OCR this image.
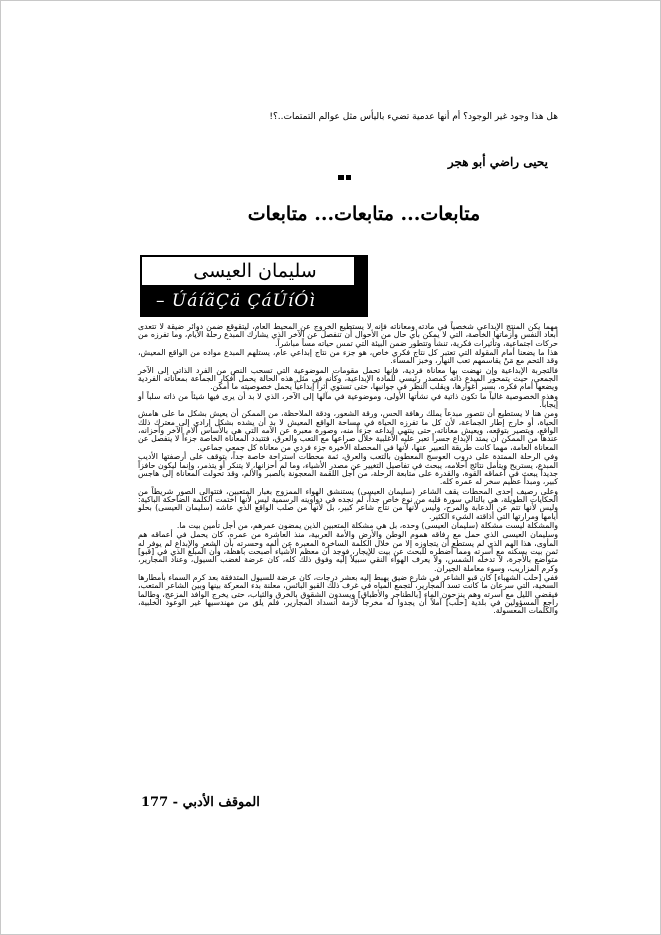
هل هذا وجود غير الوجود؟ أم أنها عدمية تضيء باليأس مثل عوالم التمتمات..؟!
يحيى راضي أبو هجر
متابعات... متابعات... متابعات
سليمان العيسى
– ÚáíãÇä ÇáÚíÓì

مهما يكن المنتج الإبداعي شخصياً في مادته ومعاناته فإنه لا يستطيع الخروج عن المحيط العام، ليتقوقع ضمن دوائر ضيقة لا تتعدى أبعاد النفس وأزماتها الخاصة، التي لا يمكن بأي حال من الأحوال أن تنفصل عن الآخر الذي يشارك المبدع رحلة الأيام، وما تفرزه من حركات اجتماعية، وتأثيرات فكرية، تنشأ وتتطور ضمن البيئة التي تمس حياته مساً مباشراً.

هذا ما يضعنا أمام المقولة التي تعتبر كل نتاج فكري خاص، هو جزء من نتاج إبداعي عام، يستلهم المبدع مواده من الواقع المعيش، وقد التحم مع مَنْ يقاسمهم تعب النهار، وخبز المساء.

فالتجربة الإبداعية وإن نهضت بها معاناة فردية، فإنها تحمل مقومات الموضوعية التي تسحب النص من الفرد الذاتي إلى الآخر الجمعي، حيث يتمحور المبدع ذاته كمصدر رئيسي للمادة الإبداعية، وكأنه في مثل هذه الحالة يحمل أفكار الجماعة بمعاناته الفردية ويضعها أمام فكره، بسبر أغوارها، ويقلب النظر في جوانبها، حتى تستوي أثراً إبداعياً يحمل خصوصيته ما أمكن.

وهذه الخصوصية غالباً ما تكون ذاتية في نشأتها الأولى، وموضوعية في مآلها إلى الآخر، الذي لا بد أن يرى فيها شيئاً من ذاته سلباً أو إيجاباً.

ومن هنا لا يستطيع أن نتصور مبدعاً يملك رهافة الحس، ورقة الشعور، ودقة الملاحظة، من الممكن أن يعيش بشكل ما على هامش الحياة، أو خارج إطار الجماعة، لأن كل ما تفرزه الحياة في مساحة الواقع المعيش لا بد أن يشده بشكل إرادي إلى معترك ذلك الواقع، ويتصير بتوقعه، ويعيش معاناته، حتى ينتهي إبداعه جزءاً منه، وصورة معبرة عن الآمه التي هي بالأساس آلام الآخر وأحزانه، عندها من الممكن أن يمتد الإبداع جسراً تعبر عليه الأغلبية خلال صراعها مع التعب والعرق، فتتبدد المعاناة الخاصة جزءاً لا ينفصل عن المعاناة العامة، مهما كانت طريقة التعبير عنها، لأنها في المحصلة الأخيرة جزء فردي من معاناة كل جمعي جماعي.

وفي الرحلة الممتدة على دروب العوسج المعطون بالتعب والعرق، ثمة محطات استراحة خاصة جداً، يتوقف على أرصفتها الأديب المبدع، يستريح ويتأمل نتائج أحلامه، يبحث في تفاصيل التغيير عن مصدر الأشياء، وما لم أحزانها، لا يتنكر أو يتذمر، وإنما ليكون حافزاً جديداً يبعث في أعماقه القوة، والقدرة على متابعة الرحلة، من أجل اللقمة المعجونة بالصبر والألم، وقد تحولت المعاناة إلى هاجس كبير، ومبدأ عظيم سخر له عمره كله.

وعلى رصيف إحدى المحطات يقف الشاعر (سليمان العيسى) يستنشق الهواء الممزوج بغبار المتعبين، فتتوالى الصور شريطاً من الحكايات الطويلة، هي بالتالي سورة قلبه من نوع خاص جداً، لم نجده في دواوينه الرسمية ليس لأنها اختمت الكلمة الضاحكة الباكية: وليس لأنها تتم عن الدعابة والمرح، وليس لأنها من نتاج شاعر كبير، بل لأنها من صلب الواقع الذي عاشه (سليمان العيسى) بحلو أيامها ومرارتها التي أذاقته الشيء الكثير.

والمشكلة ليست مشكلة (سليمان العيسى) وحده، بل هي مشكلة المتعبين الذين يمضون عمرهم، من أجل تأمين بيت ما.

وسليمان العيسى الذي حمل مع رفاقه هموم الوطن والأرض والأمة العربية، منذ العاشرة من عمره، كان يحمل في أعماقه هم المأوى، هذا الهم الذي لم يستطع أن يتجاوزه إلا من خلال الكلمة الساخرة المعبرة عن ألمه وحسرته بأن الشعر والإبداع لم يوفر له ثمن بيت يسكنه مع أسرته ومما أضطره للبحث عن بيت للإيجار، فوجد أن معظم الأشياء أصبحت باهظة، وأن المبلغ الذي في [قبو] متواضع بالأجرة، لا تدخله الشمس، ولا يعرف الهواء النقي سبيلاً إليه وفوق ذلك كله، كان عرضة لغضب السيول، وعناد المجارير، وكرم المزاريب، وسوء معاملة الجيران.

ففي [حلب الشهباء] كان قبو الشاعر في شارع ضيق يهبط إليه بعشر درجات، كان عرضة للسيول المتدفقة بعد كرم السماء بأمطارها السخية، التي سرعان ما كانت تسد المجارير، لتجمع المياه في غرف ذلك القبو البائس، معلنة بدء المعركة بينها وبين الشاعر المتعب، فيقضي الليل مع أسرته وهم ينزحون الماء [بالطناجر والأطباق] ويسدون الشقوق بالخرق والثياب، حتى يخرج الوافد المزعج، وطالما راجع المسؤولين في بلدية [حلب] آملاً أن يجدوا له مخرجاً لأزمة انسداد المجارير، فلم يلق من مهندسيها غير الوعود الخلبية، والكلمات المعسولة.

الموقف الأدبي - 177
